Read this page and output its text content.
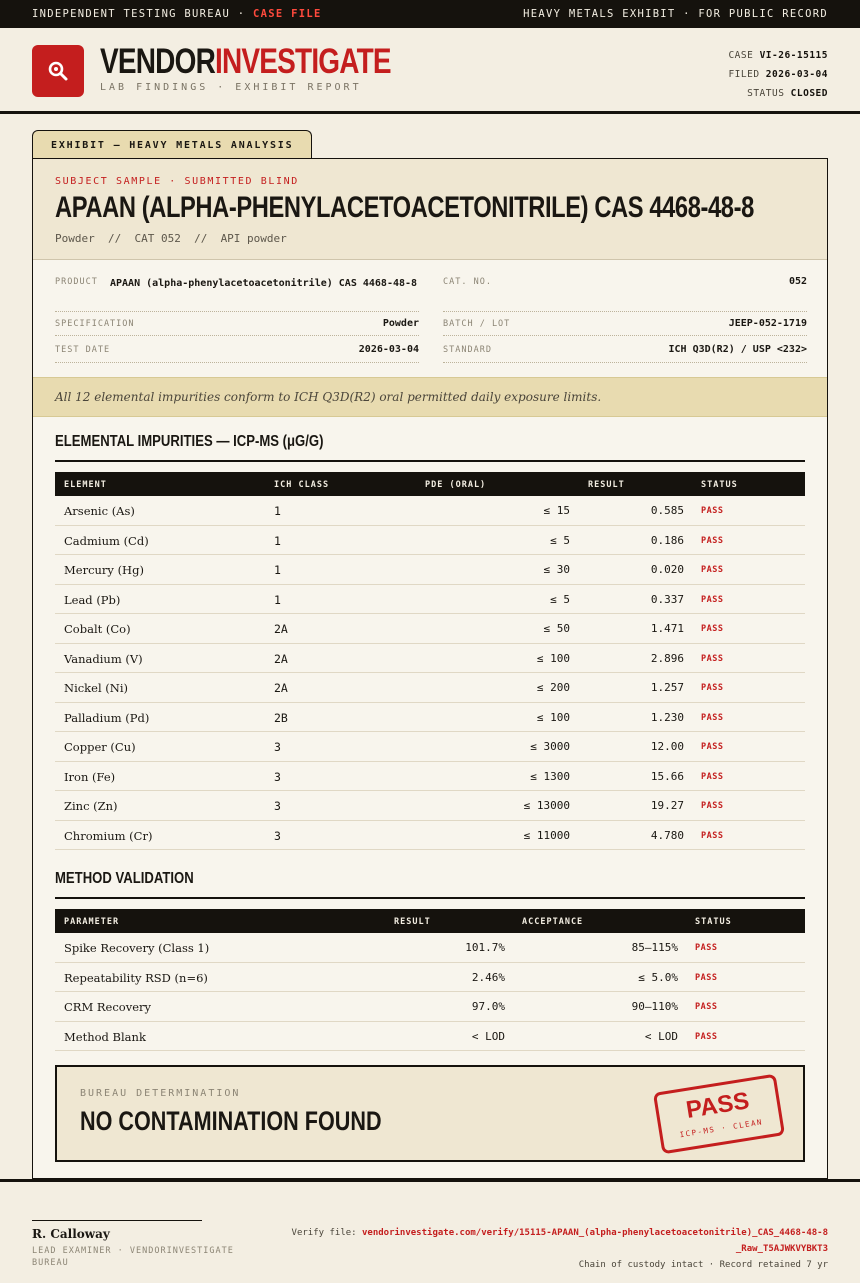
INDEPENDENT TESTING BUREAU · CASE FILE	HEAVY METALS EXHIBIT · FOR PUBLIC RECORD
VENDORINVESTIGATE
LAB FINDINGS · EXHIBIT REPORT
CASE VI-26-15115
FILED 2026-03-04
STATUS CLOSED
EXHIBIT — HEAVY METALS ANALYSIS
SUBJECT SAMPLE · SUBMITTED BLIND
APAAN (ALPHA-PHENYLACETOACETONITRILE) CAS 4468-48-8
Powder  //  CAT 052  //  API powder
PRODUCT APAAN (alpha-phenylacetoacetonitrile) CAS 4468-48-8
SPECIFICATION	Powder
TEST DATE	2026-03-04
CAT. NO.	052
BATCH / LOT	JEEP-052-1719
STANDARD	ICH Q3D(R2) / USP <232>
All 12 elemental impurities conform to ICH Q3D(R2) oral permitted daily exposure limits.
ELEMENTAL IMPURITIES — ICP-MS (μG/G)
ELEMENT	ICH CLASS	PDE (ORAL)	RESULT	STATUS
Arsenic (As)	1	≤ 15	0.585 PASS
Cadmium (Cd)	1	≤ 5	0.186 PASS
Mercury (Hg)	1	≤ 30	0.020 PASS
Lead (Pb)	1	≤ 5	0.337 PASS
Cobalt (Co)	2A	≤ 50	1.471 PASS
Vanadium (V)	2A	≤ 100	2.896 PASS
Nickel (Ni)	2A	≤ 200	1.257 PASS
Palladium (Pd)	2B	≤ 100	1.230 PASS
Copper (Cu)	3	≤ 3000	12.00 PASS
Iron (Fe)	3	≤ 1300	15.66 PASS
Zinc (Zn)	3	≤ 13000	19.27 PASS
Chromium (Cr)	3	≤ 11000	4.780 PASS
METHOD VALIDATION
PARAMETER	RESULT	ACCEPTANCE	STATUS
Spike Recovery (Class 1)	101.7%	85–115% PASS
Repeatability RSD (n=6)	2.46%	≤ 5.0% PASS
CRM Recovery	97.0%	90–110% PASS
Method Blank	< LOD	< LOD PASS
BUREAU DETERMINATION
NO CONTAMINATION FOUND	PASS
ICP-MS · CLEAN
R. Calloway
LEAD EXAMINER · VENDORINVESTIGATE BUREAU
Verify file: vendorinvestigate.com/verify/15115-APAAN_(alpha-phenylacetoacetonitrile)_CAS_4468-48-8_Raw_T5AJWKVYBKT3
Chain of custody intact · Record retained 7 yr
